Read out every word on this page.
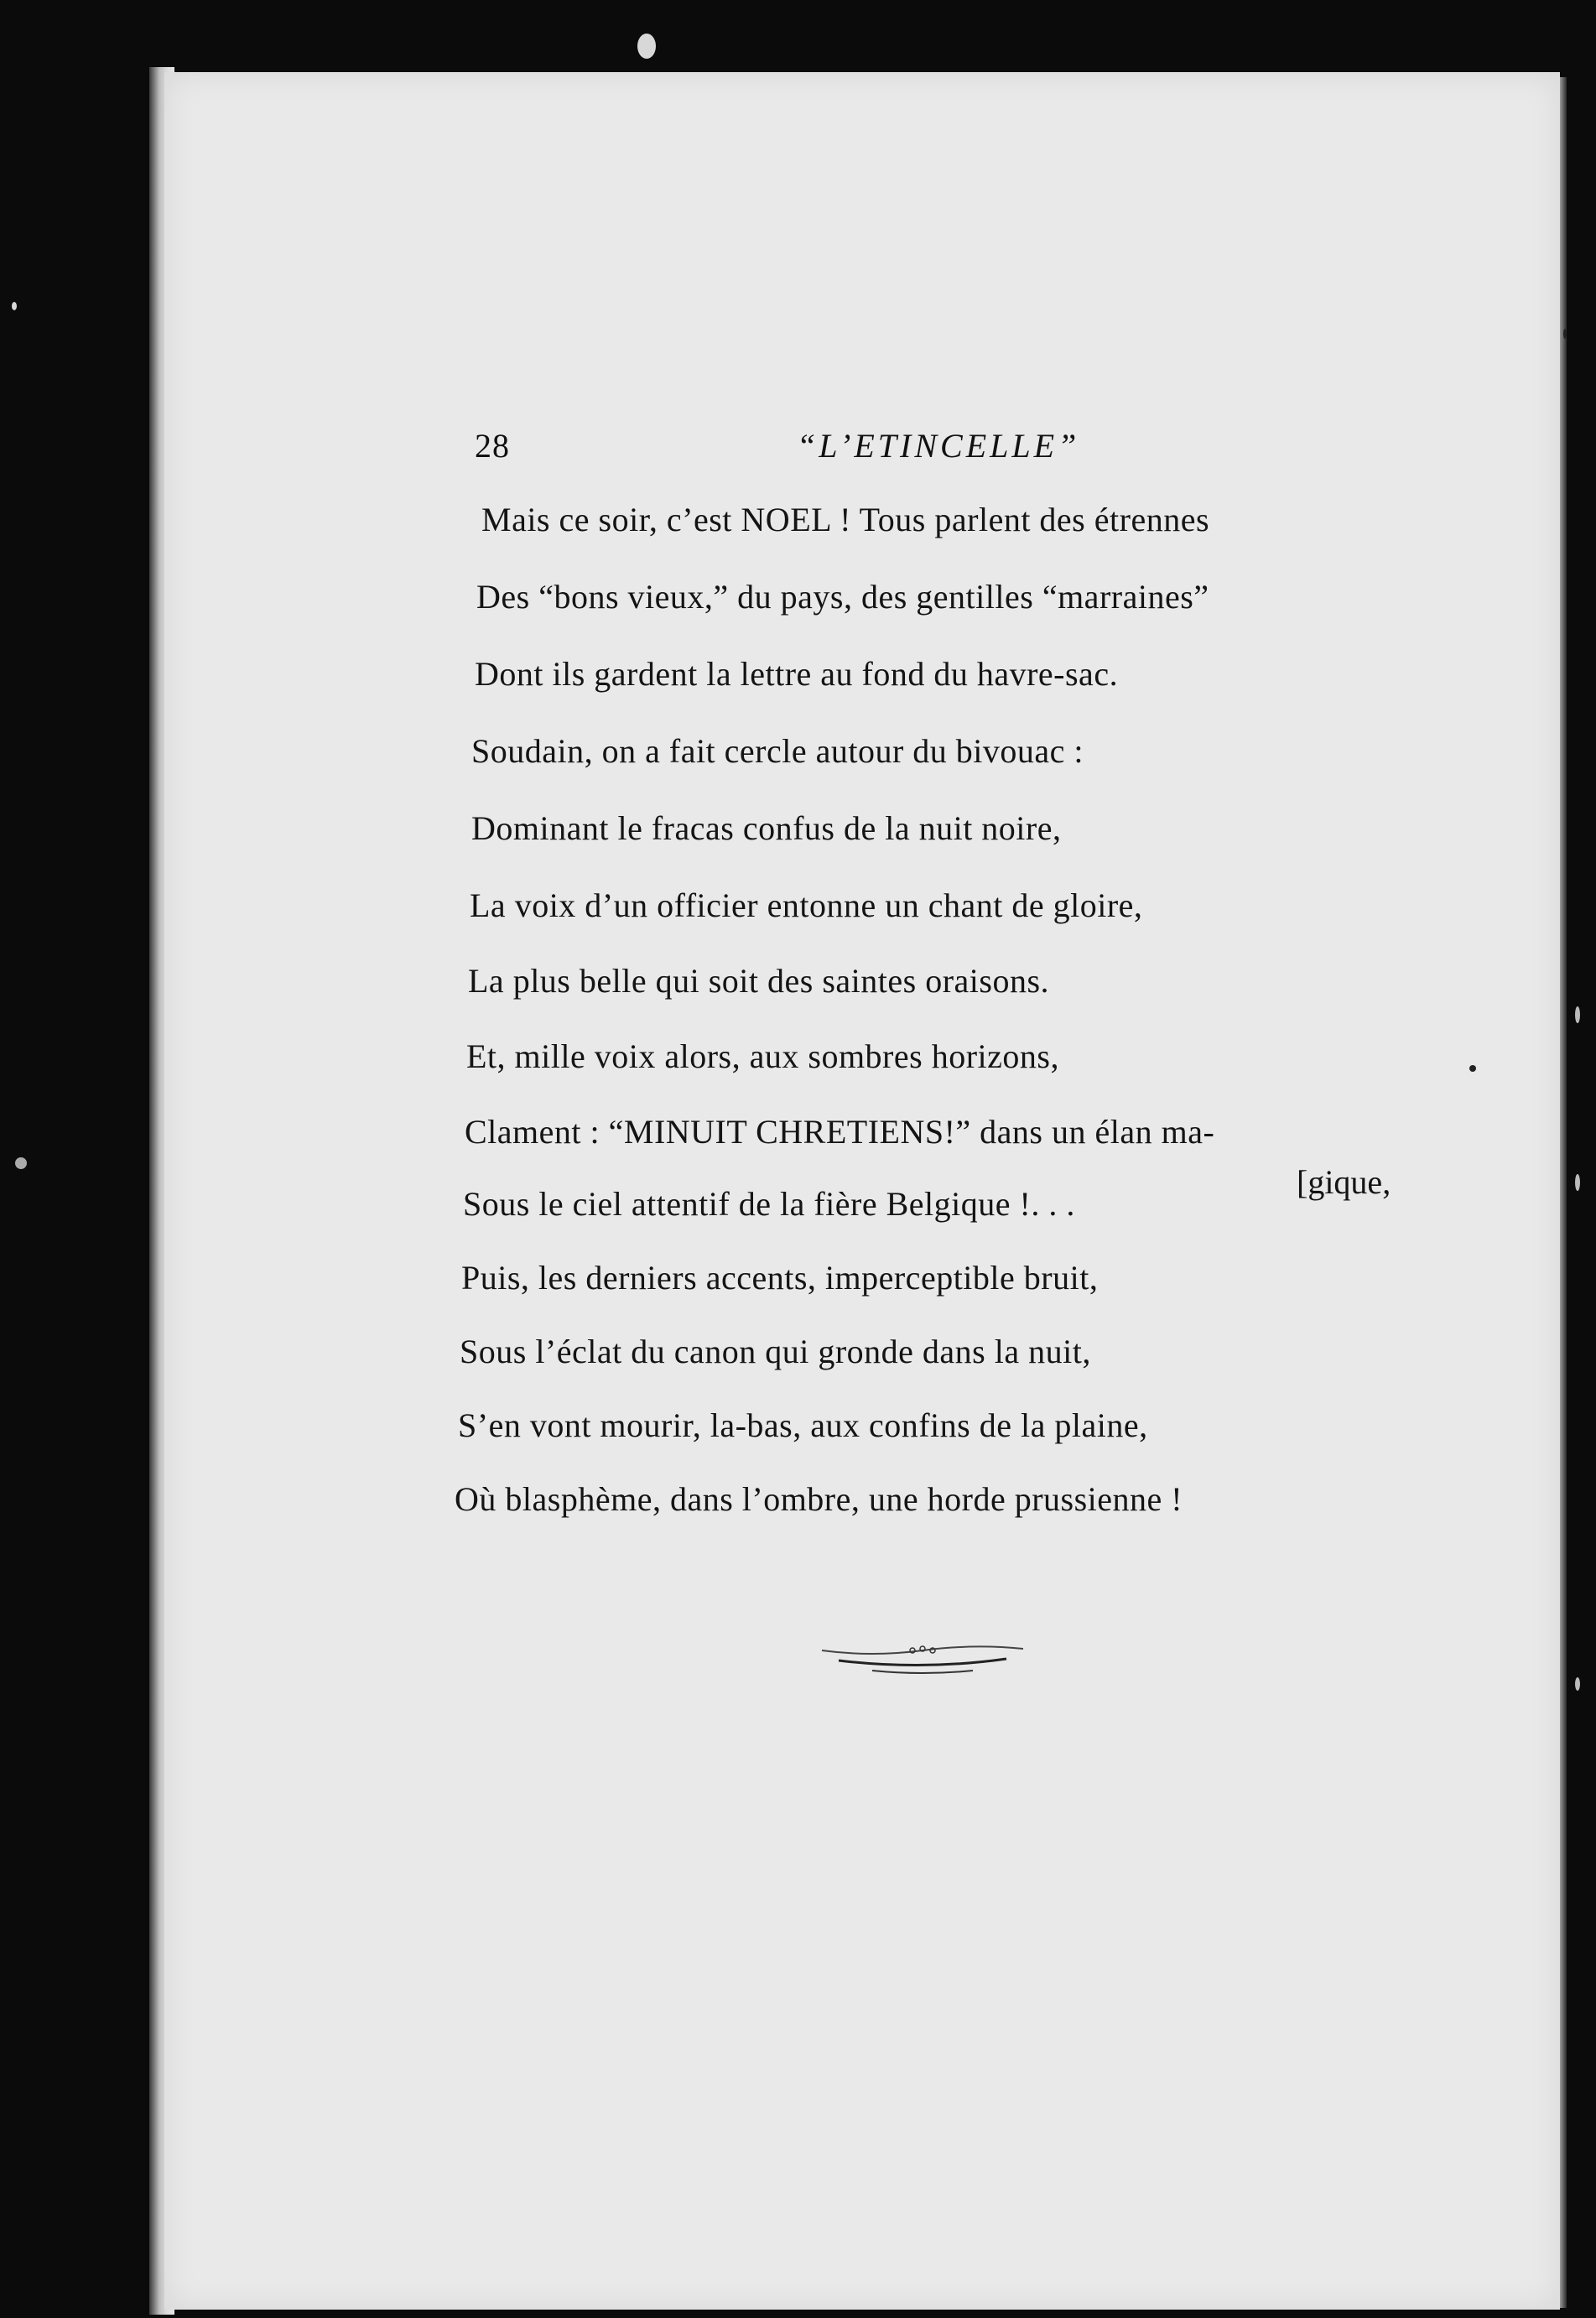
28	“L’ETINCELLE”
Mais ce soir, c’est NOEL ! Tous parlent des étrennes
Des “bons vieux,” du pays, des gentilles “marraines”
Dont ils gardent la lettre au fond du havre-sac.
Soudain, on a fait cercle autour du bivouac :
Dominant le fracas confus de la nuit noire,
La voix d’un officier entonne un chant de gloire,
La plus belle qui soit des saintes oraisons.
Et, mille voix alors, aux sombres horizons,
Clament : “MINUIT CHRETIENS!” dans un élan ma-
[gique,
Sous le ciel attentif de la fière Belgique !. . .
Puis, les derniers accents, imperceptible bruit,
Sous l’éclat du canon qui gronde dans la nuit,
S’en vont mourir, la-bas, aux confins de la plaine,
Où blasphème, dans l’ombre, une horde prussienne !
